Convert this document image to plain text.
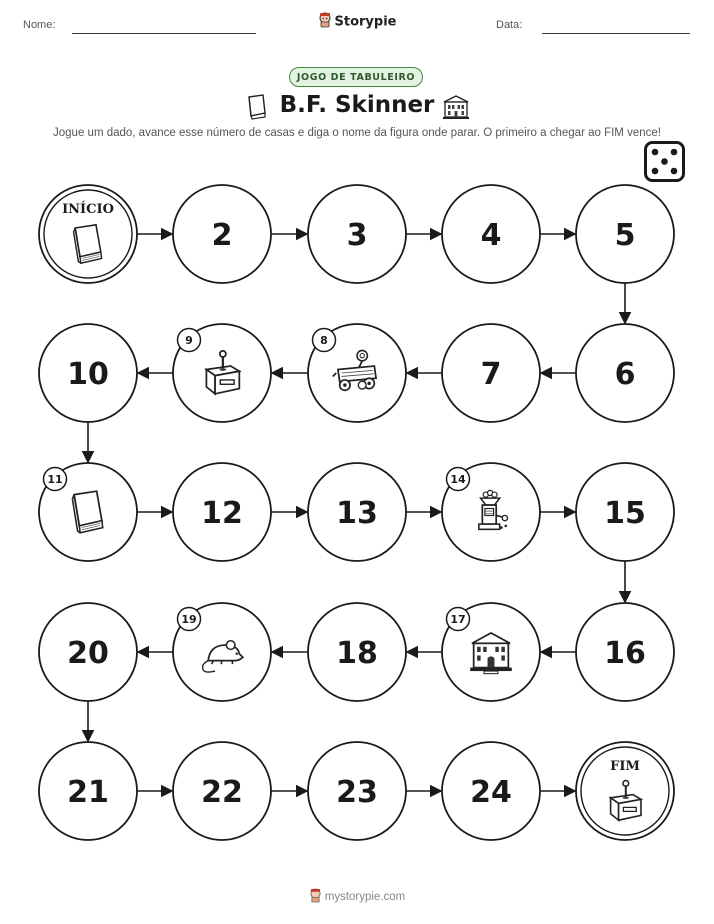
Nome:	Storypie	Data:
JOGO DE TABULEIRO
B.F. Skinner
Jogue um dado, avance esse número de casas e diga o nome da figura onde parar. O primeiro a chegar ao FIM vence!
INÍCIO
2	3	4	5
6
7
8
9
10
11
12	13
14
15
16
17
18
19
20
21	22	23	24
FIM
mystorypie.com
